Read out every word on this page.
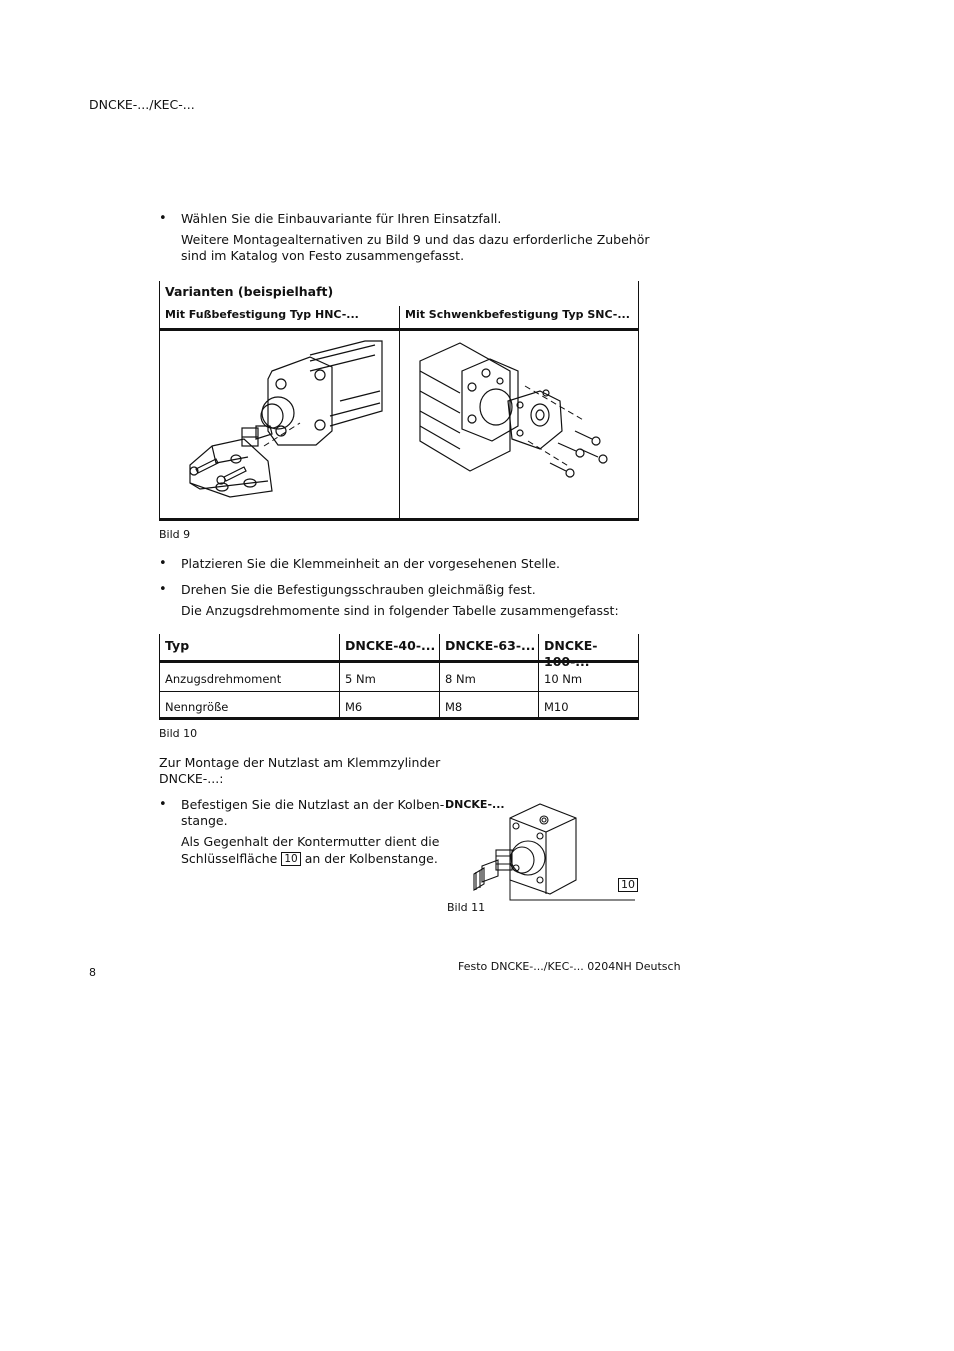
DNCKE-.../KEC-...
• Wählen Sie die Einbauvariante für Ihren Einsatzfall.
Weitere Montagealternativen zu Bild 9 und das dazu erforderliche Zubehör
sind im Katalog von Festo zusammengefasst.
Varianten (beispielhaft)
Mit Fußbefestigung Typ HNC-...	Mit Schwenkbefestigung Typ SNC-...
Bild 9
• Platzieren Sie die Klemmeinheit an der vorgesehenen Stelle.
• Drehen Sie die Befestigungsschrauben gleichmäßig fest.
Die Anzugsdrehmomente sind in folgender Tabelle zusammengefasst:
Typ	DNCKE-40-... DNCKE-63-... DNCKE-100-...
Anzugsdrehmoment	5 Nm	8 Nm	10 Nm
Nenngröße	M6	M8	M10
Bild 10
Zur Montage der Nutzlast am Klemmzylinder
DNCKE-...:
• Befestigen Sie die Nutzlast an der Kolben-
stange.
Als Gegenhalt der Kontermutter dient die
Schlüsselfläche 10 an der Kolbenstange.
DNCKE-...
10
Bild 11
8	Festo DNCKE-.../KEC-... 0204NH Deutsch
